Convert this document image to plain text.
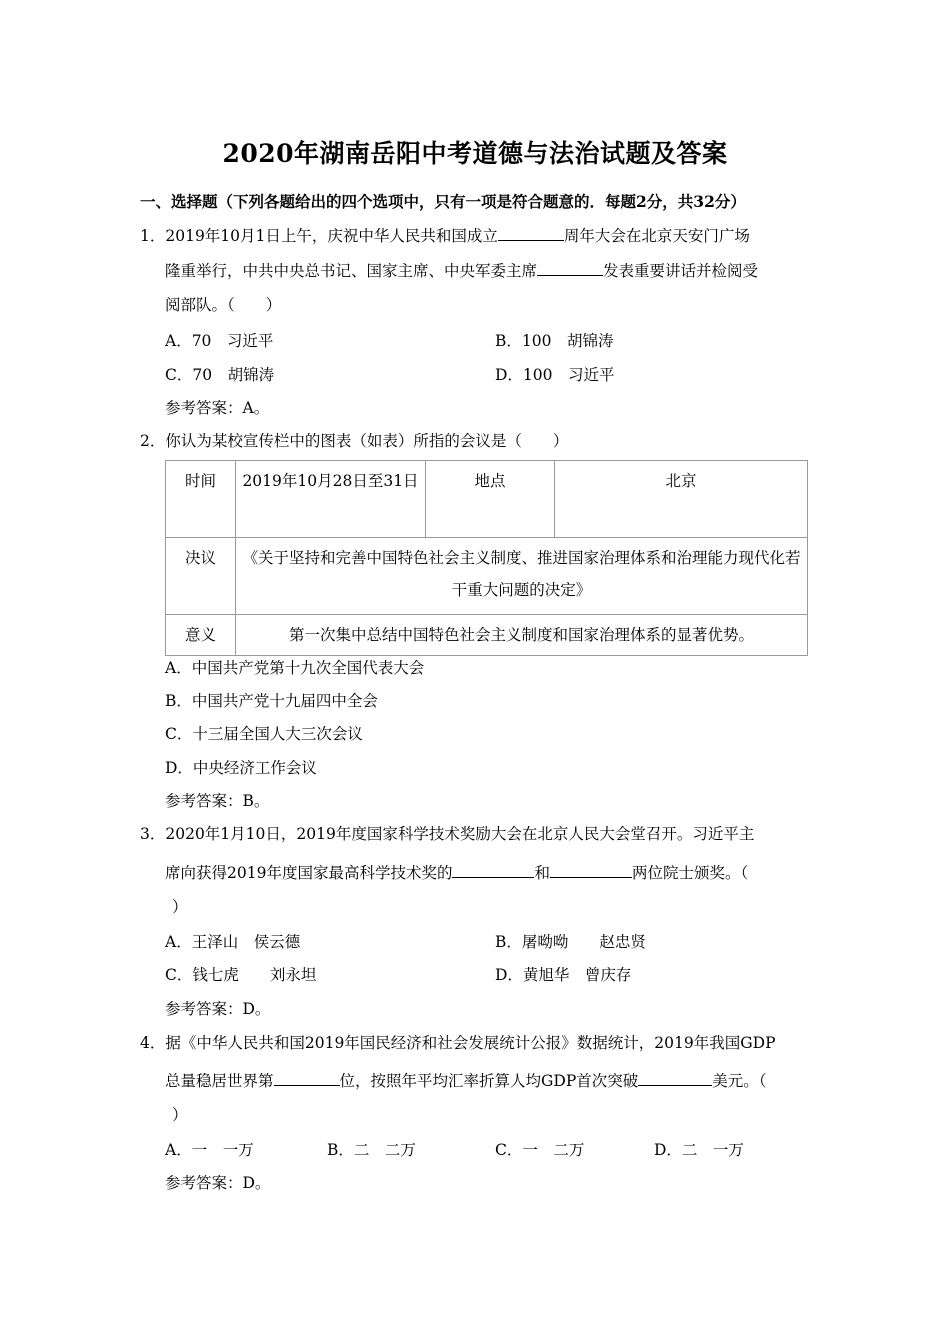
2020年湖南岳阳中考道德与法治试题及答案
一、选择题（下列各题给出的四个选项中，只有一项是符合题意的．每题2分，共32分）
1．2019年10月1日上午，庆祝中华人民共和国成立	周年大会在北京天安门广场
隆重举行，中共中央总书记、国家主席、中央军委主席	发表重要讲话并检阅受
阅部队。（　　）
A．70　习近平	B．100　胡锦涛
C．70　胡锦涛	D．100　习近平
参考答案：A。
2．你认为某校宣传栏中的图表（如表）所指的会议是（　　）
时间	2019年10月28日至31日	地点	北京
决议	《关于坚持和完善中国特色社会主义制度、推进国家治理体系和治理能力现代化若干重大问题的决定》		
意义	第一次集中总结中国特色社会主义制度和国家治理体系的显著优势。		
A．中国共产党第十九次全国代表大会
B．中国共产党十九届四中全会
C．十三届全国人大三次会议
D．中央经济工作会议
参考答案：B。
3．2020年1月10日，2019年度国家科学技术奖励大会在北京人民大会堂召开。习近平主
席向获得2019年度国家最高科学技术奖的	和	两位院士颁奖。（
）
A．王泽山　侯云德	B．屠呦呦　　赵忠贤
C．钱七虎　　刘永坦	D．黄旭华　曾庆存
参考答案：D。
4．据《中华人民共和国2019年国民经济和社会发展统计公报》数据统计，2019年我国GDP
总量稳居世界第	位，按照年平均汇率折算人均GDP首次突破	美元。（
）
A．一　一万	B．二　二万	C．一　二万	D．二　一万
参考答案：D。
